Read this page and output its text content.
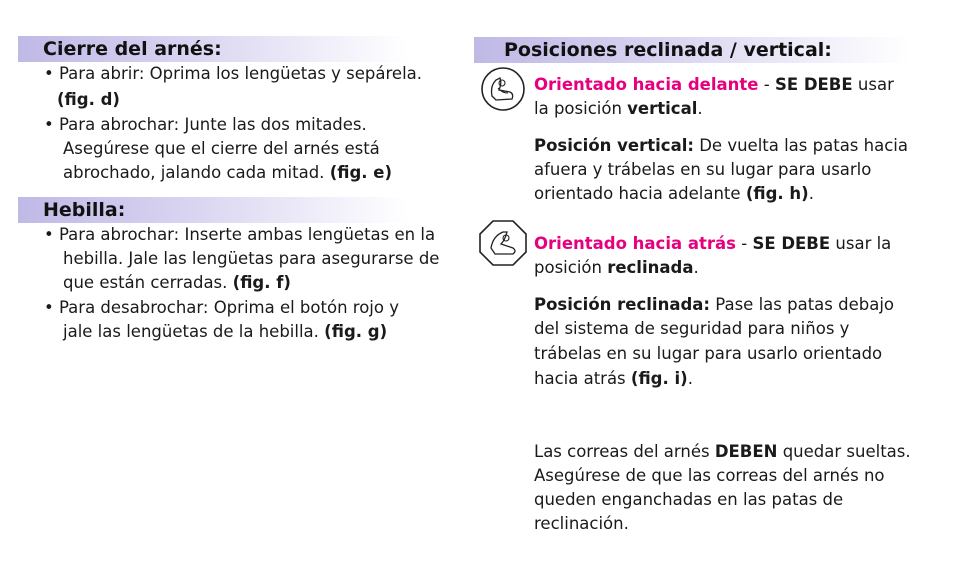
Cierre del arnés:
• Para abrir: Oprima los lengüetas y sepárela.
(fig. d)
• Para abrochar: Junte las dos mitades.
Asegúrese que el cierre del arnés está
abrochado, jalando cada mitad. (fig. e)
Hebilla:
• Para abrochar: Inserte ambas lengüetas en la
hebilla. Jale las lengüetas para asegurarse de
que están cerradas. (fig. f)
• Para desabrochar: Oprima el botón rojo y
jale las lengüetas de la hebilla. (fig. g)
Posiciones reclinada / vertical:
Orientado hacia delante - SE DEBE usar
la posición vertical.
Posición vertical: De vuelta las patas hacia
afuera y trábelas en su lugar para usarlo
orientado hacia adelante (fig. h).
Orientado hacia atrás - SE DEBE usar la
posición reclinada.
Posición reclinada: Pase las patas debajo
del sistema de seguridad para niños y
trábelas en su lugar para usarlo orientado
hacia atrás (fig. i).
Las correas del arnés DEBEN quedar sueltas.
Asegúrese de que las correas del arnés no
queden enganchadas en las patas de
reclinación.
